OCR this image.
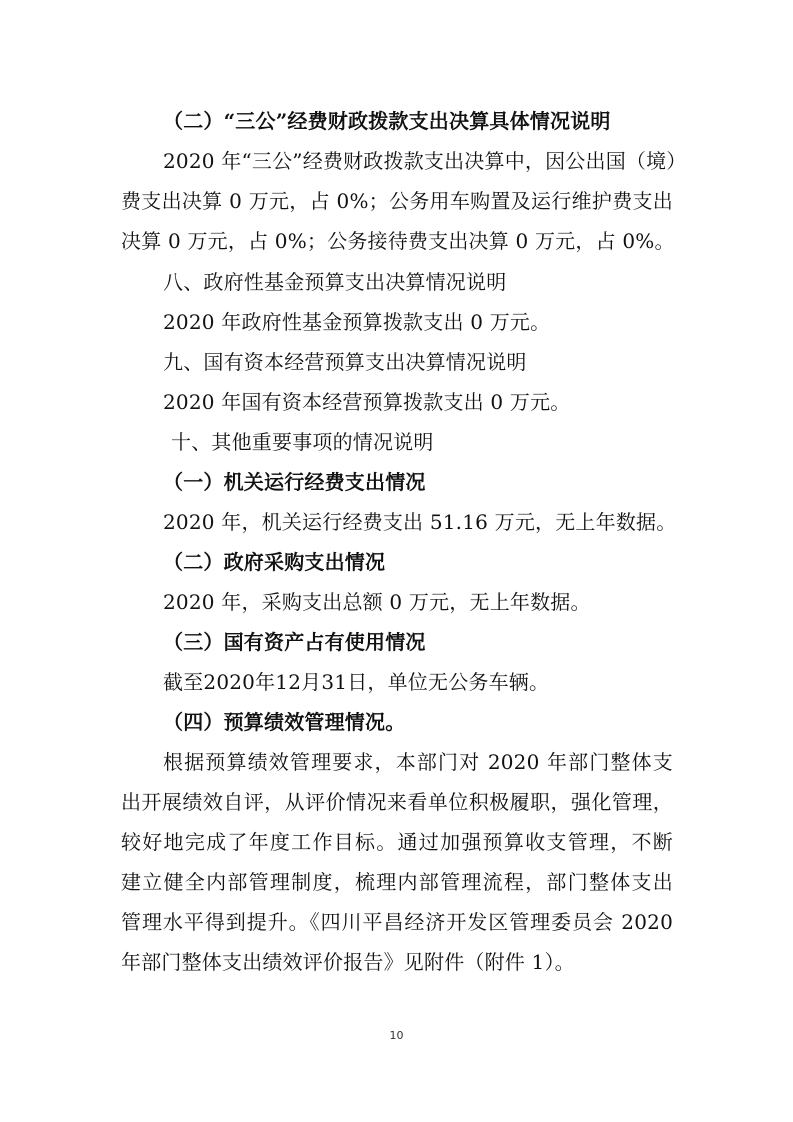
（二）“三公”经费财政拨款支出决算具体情况说明
2020 年“三公”经费财政拨款支出决算中，因公出国（境）
费支出决算 0 万元，占 0%；公务用车购置及运行维护费支出
决算 0 万元，占 0%；公务接待费支出决算 0 万元，占 0%。
八、政府性基金预算支出决算情况说明
2020 年政府性基金预算拨款支出 0 万元。
九、国有资本经营预算支出决算情况说明
2020 年国有资本经营预算拨款支出 0 万元。
十、其他重要事项的情况说明
（一）机关运行经费支出情况
2020 年，机关运行经费支出 51.16 万元，无上年数据。
（二）政府采购支出情况
2020 年，采购支出总额 0 万元，无上年数据。
（三）国有资产占有使用情况
截至2020年12月31日，单位无公务车辆。
（四）预算绩效管理情况。
根据预算绩效管理要求，本部门对 2020 年部门整体支
出开展绩效自评，从评价情况来看单位积极履职，强化管理，
较好地完成了年度工作目标。通过加强预算收支管理，不断
建立健全内部管理制度，梳理内部管理流程，部门整体支出
管理水平得到提升。《四川平昌经济开发区管理委员会 2020
年部门整体支出绩效评价报告》见附件（附件 1）。
10
